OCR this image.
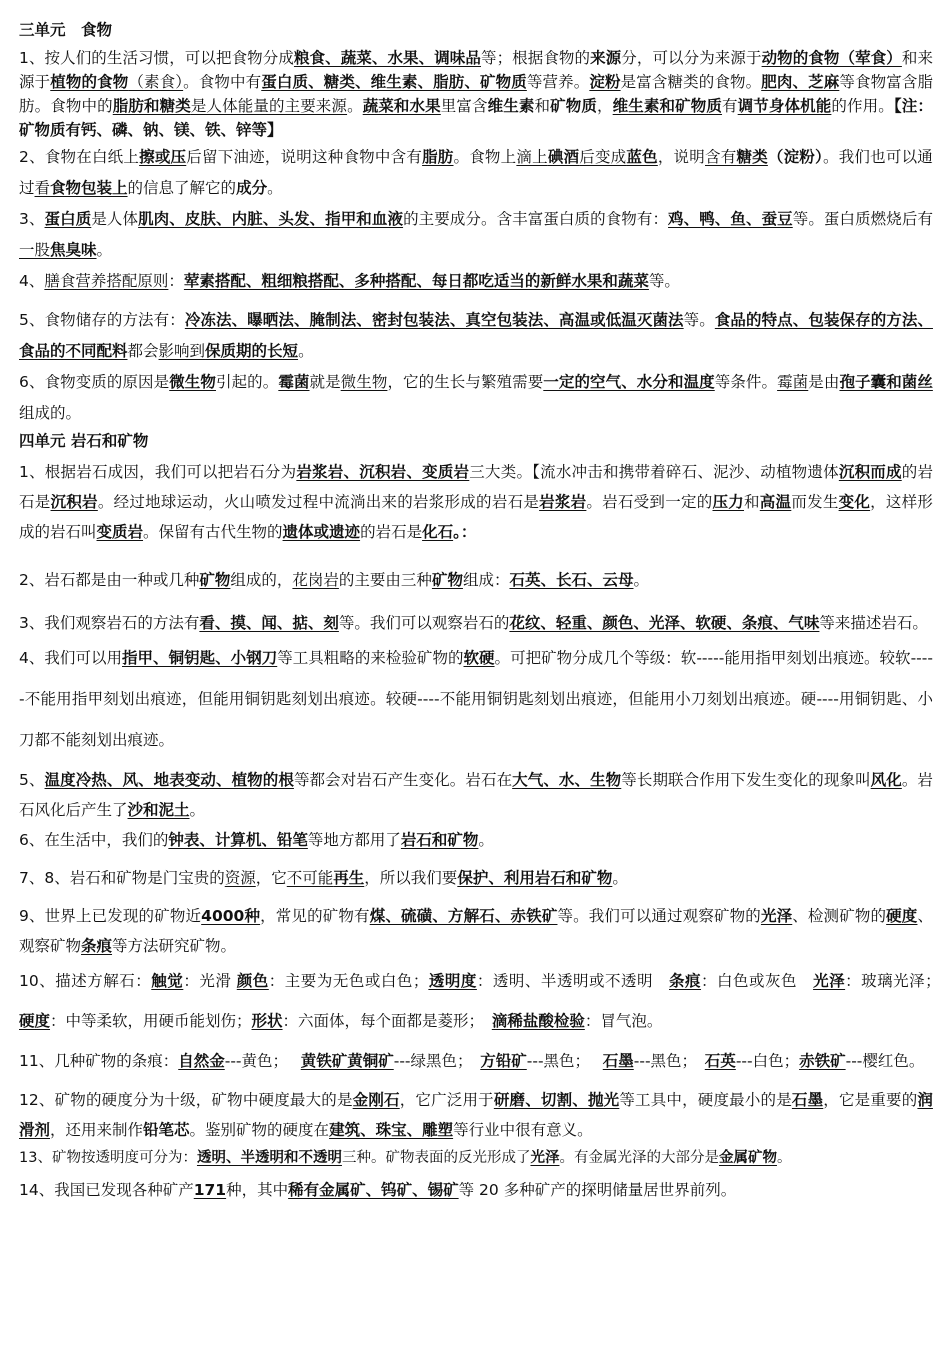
三单元　食物

1、按人们的生活习惯，可以把食物分成粮食、蔬菜、水果、调味品等；根据食物的来源分，可以分为来源于动物的食物（荤食）和来源于植物的食物（素食）。食物中有蛋白质、糖类、维生素、脂肪、矿物质等营养。淀粉是富含糖类的食物。肥肉、芝麻等食物富含脂肪。食物中的脂肪和糖类是人体能量的主要来源。蔬菜和水果里富含维生素和矿物质，维生素和矿物质有调节身体机能的作用。【注：矿物质有钙、磷、钠、镁、铁、锌等】

2、食物在白纸上擦或压后留下油迹，说明这种食物中含有脂肪。食物上滴上碘酒后变成蓝色，说明含有糖类（淀粉）。我们也可以通过看食物包装上的信息了解它的成分。

3、蛋白质是人体肌肉、皮肤、内脏、头发、指甲和血液的主要成分。含丰富蛋白质的食物有：鸡、鸭、鱼、蚕豆等。蛋白质燃烧后有一股焦臭味。

4、膳食营养搭配原则：荤素搭配、粗细粮搭配、多种搭配、每日都吃适当的新鲜水果和蔬菜等。

5、食物储存的方法有：冷冻法、曝晒法、腌制法、密封包装法、真空包装法、高温或低温灭菌法等。食品的特点、包装保存的方法、食品的不同配料都会影响到保质期的长短。

6、食物变质的原因是微生物引起的。霉菌就是微生物，它的生长与繁殖需要一定的空气、水分和温度等条件。霉菌是由孢子囊和菌丝组成的。

四单元 岩石和矿物

1、根据岩石成因，我们可以把岩石分为岩浆岩、沉积岩、变质岩三大类。【流水冲击和携带着碎石、泥沙、动植物遗体沉积而成的岩石是沉积岩。经过地球运动，火山喷发过程中流淌出来的岩浆形成的岩石是岩浆岩。岩石受到一定的压力和高温而发生变化，这样形成的岩石叫变质岩。保留有古代生物的遗体或遗迹的岩石是化石。：

2、岩石都是由一种或几种矿物组成的，花岗岩的主要由三种矿物组成：石英、长石、云母。

3、我们观察岩石的方法有看、摸、闻、掂、刻等。我们可以观察岩石的花纹、轻重、颜色、光泽、软硬、条痕、气味等来描述岩石。

4、我们可以用指甲、铜钥匙、小钢刀等工具粗略的来检验矿物的软硬。可把矿物分成几个等级：软-----能用指甲刻划出痕迹。较软-----不能用指甲刻划出痕迹，但能用铜钥匙刻划出痕迹。较硬----不能用铜钥匙刻划出痕迹，但能用小刀刻划出痕迹。硬----用铜钥匙、小刀都不能刻划出痕迹。

5、温度冷热、风、地表变动、植物的根等都会对岩石产生变化。岩石在大气、水、生物等长期联合作用下发生变化的现象叫风化。岩石风化后产生了沙和泥土。

6、在生活中，我们的钟表、计算机、铅笔等地方都用了岩石和矿物。

7、8、岩石和矿物是门宝贵的资源，它不可能再生，所以我们要保护、利用岩石和矿物。

9、世界上已发现的矿物近4000种，常见的矿物有煤、硫磺、方解石、赤铁矿等。我们可以通过观察矿物的光泽、检测矿物的硬度、观察矿物条痕等方法研究矿物。

10、描述方解石：触觉：光滑 颜色：主要为无色或白色；透明度：透明、半透明或不透明　条痕：白色或灰色　光泽：玻璃光泽；　硬度：中等柔软，用硬币能划伤；形状：六面体，每个面都是菱形；　滴稀盐酸检验：冒气泡。

11、几种矿物的条痕：自然金---黄色；　 黄铁矿黄铜矿---绿黑色；　方铅矿---黑色；　 石墨---黑色；　石英---白色；赤铁矿---樱红色。

12、矿物的硬度分为十级，矿物中硬度最大的是金刚石，它广泛用于研磨、切割、抛光等工具中，硬度最小的是石墨，它是重要的润滑剂，还用来制作铅笔芯。鉴别矿物的硬度在建筑、珠宝、雕塑等行业中很有意义。

13、矿物按透明度可分为：透明、半透明和不透明三种。矿物表面的反光形成了光泽。有金属光泽的大部分是金属矿物。

14、我国已发现各种矿产171种，其中稀有金属矿、钨矿、锡矿等 20 多种矿产的探明储量居世界前列。
